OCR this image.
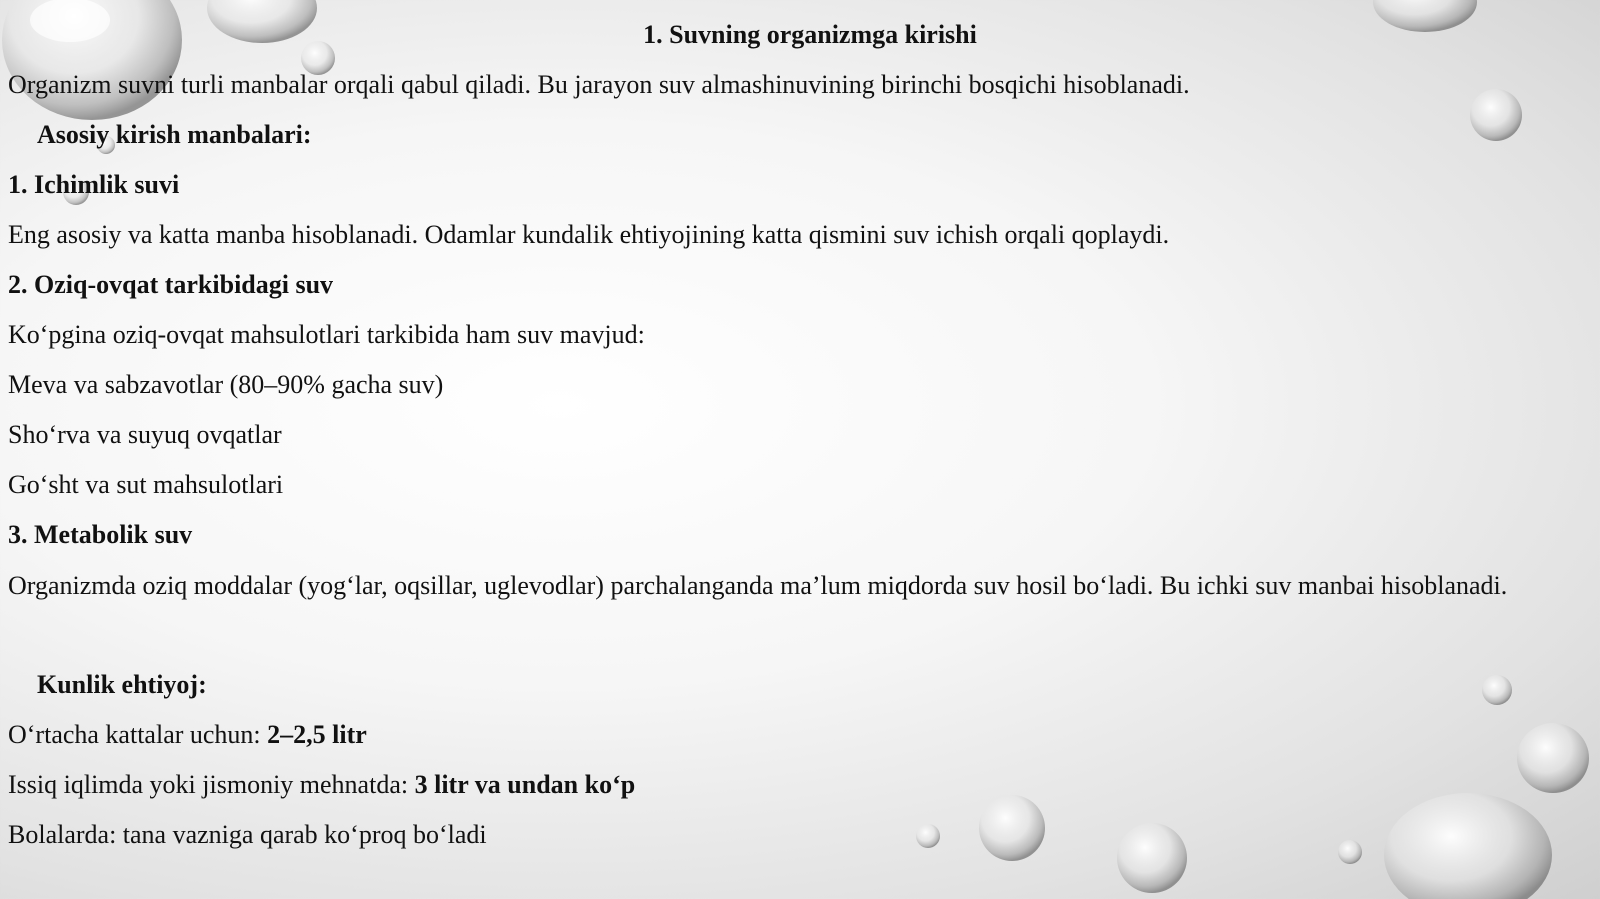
1. Suvning organizmga kirishi

Organizm suvni turli manbalar orqali qabul qiladi. Bu jarayon suv almashinuvining birinchi bosqichi hisoblanadi.

Asosiy kirish manbalari:

1. Ichimlik suvi

Eng asosiy va katta manba hisoblanadi. Odamlar kundalik ehtiyojining katta qismini suv ichish orqali qoplaydi.

2. Oziq-ovqat tarkibidagi suv

Ko‘pgina oziq-ovqat mahsulotlari tarkibida ham suv mavjud:

Meva va sabzavotlar (80–90% gacha suv)

Sho‘rva va suyuq ovqatlar

Go‘sht va sut mahsulotlari

3. Metabolik suv

Organizmda oziq moddalar (yog‘lar, oqsillar, uglevodlar) parchalanganda ma’lum miqdorda suv hosil bo‘ladi. Bu ichki suv manbai hisoblanadi.

Kunlik ehtiyoj:

O‘rtacha kattalar uchun: 2–2,5 litr

Issiq iqlimda yoki jismoniy mehnatda: 3 litr va undan ko‘p

Bolalarda: tana vazniga qarab ko‘proq bo‘ladi
